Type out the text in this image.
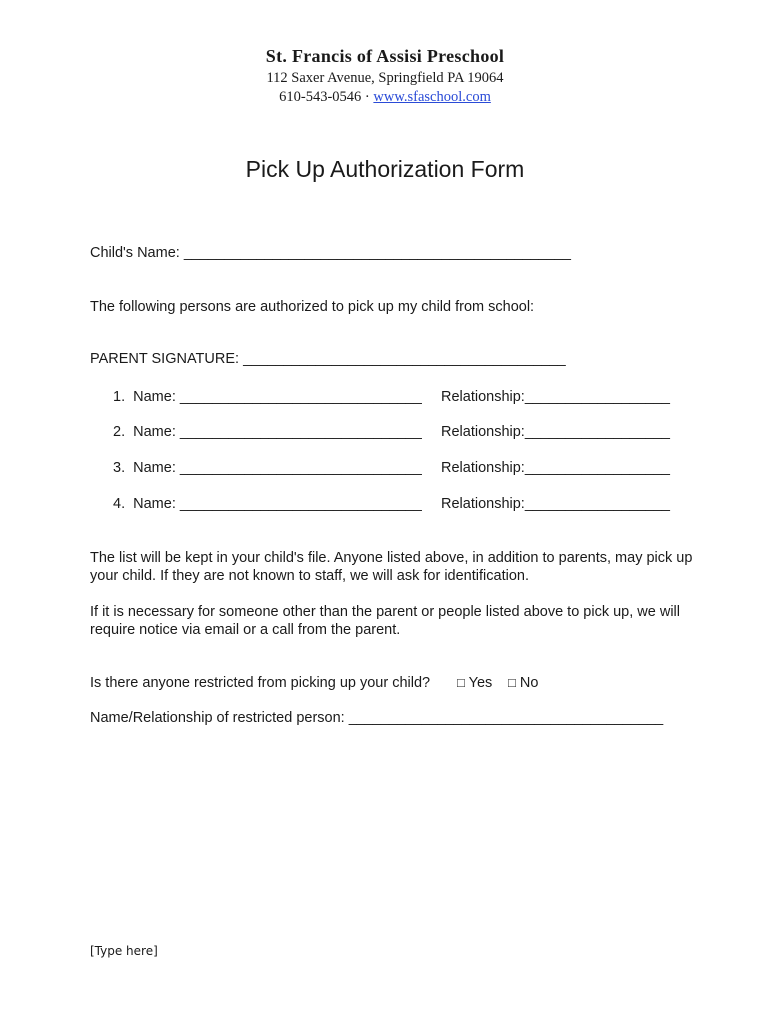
St. Francis of Assisi Preschool
112 Saxer Avenue, Springfield PA 19064
610-543-0546 · www.sfaschool.com
Pick Up Authorization Form
Child's Name: ________________________________________________
The following persons are authorized to pick up my child from school:
PARENT SIGNATURE: ________________________________________
1.  Name: ______________________________ Relationship:__________________
2.  Name: ______________________________ Relationship:__________________
3.  Name: ______________________________ Relationship:__________________
4.  Name: ______________________________ Relationship:__________________
The list will be kept in your child's file. Anyone listed above, in addition to parents, may pick up your child. If they are not known to staff, we will ask for identification.
If it is necessary for someone other than the parent or people listed above to pick up, we will require notice via email or a call from the parent.
Is there anyone restricted from picking up your child? □ Yes □ No
Name/Relationship of restricted person: _______________________________________
[Type here]
